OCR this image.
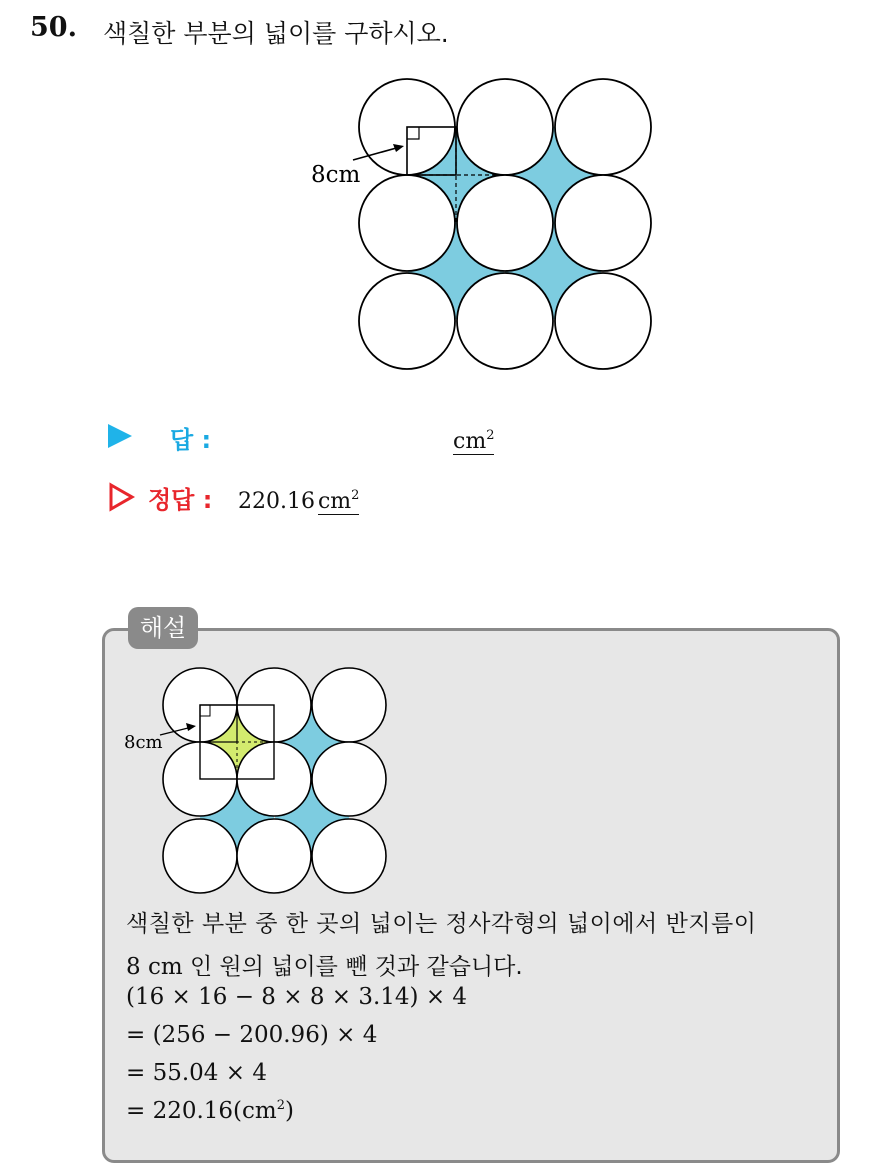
50. 색칠한 부분의 넓이를 구하시오.
8cm
답 :	$cm^2$
정답 : 220.16 $cm^2$
해설
8cm
색칠한 부분 중 한 곳의 넓이는 정사각형의 넓이에서 반지름이
8 cm 인 원의 넓이를 뺀 것과 같습니다.
(16 × 16 − 8 × 8 × 3.14) × 4
= (256 − 200.96) × 4
= 55.04 × 4
= $220.16(cm^2)$
